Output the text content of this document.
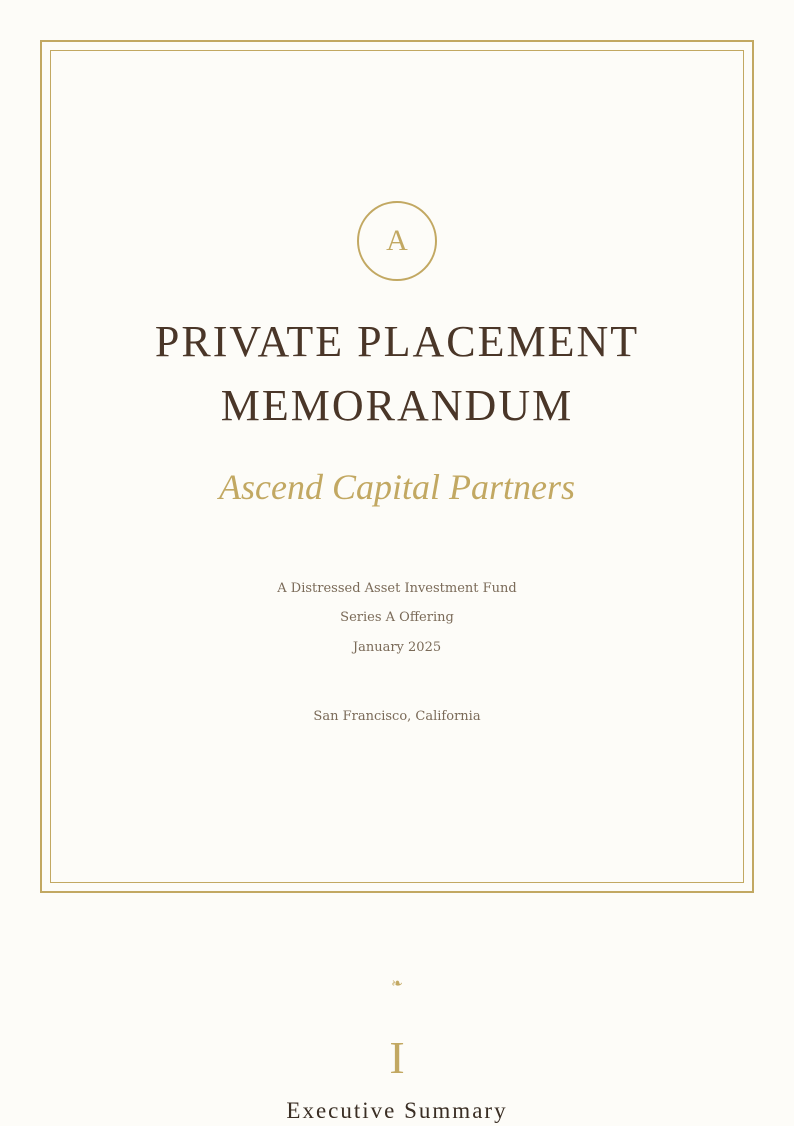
A
PRIVATE PLACEMENT
MEMORANDUM
Ascend Capital Partners
A Distressed Asset Investment Fund
Series A Offering
January 2025
San Francisco, California
❧
I
Executive Summary
